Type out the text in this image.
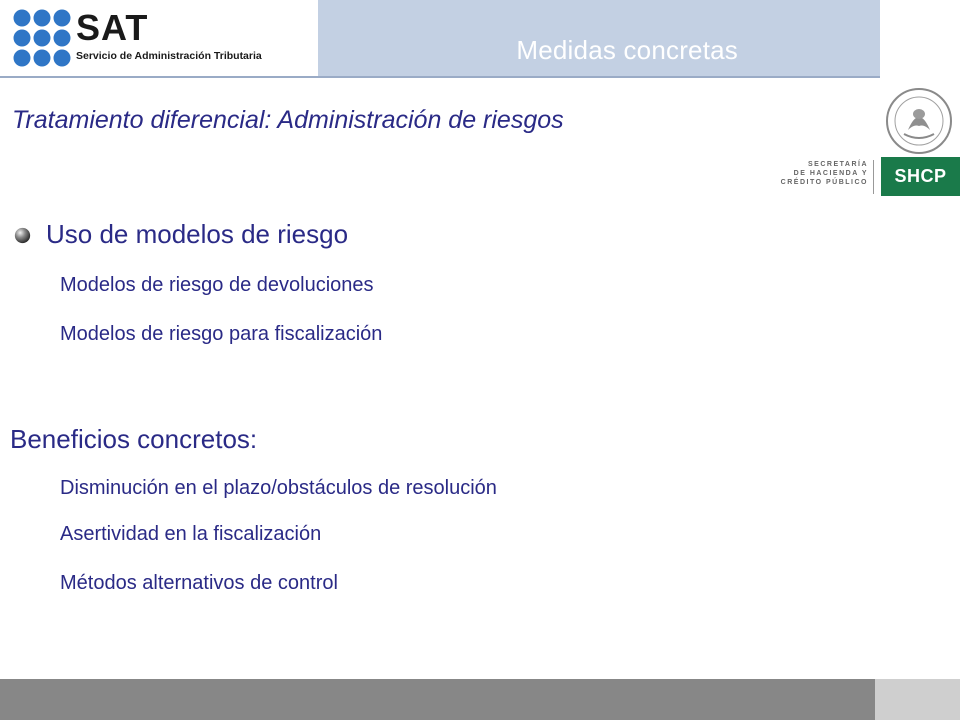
SAT
Servicio de Administración Tributaria	Medidas concretas
SECRETARÍA
DE HACIENDA Y
CRÉDITO PÚBLICO	SHCP
Tratamiento diferencial: Administración de riesgos
Uso de modelos de riesgo
Modelos de riesgo de devoluciones
Modelos de riesgo para fiscalización
Beneficios concretos:
Disminución en el plazo/obstáculos de resolución
Asertividad en la fiscalización
Métodos alternativos de control
